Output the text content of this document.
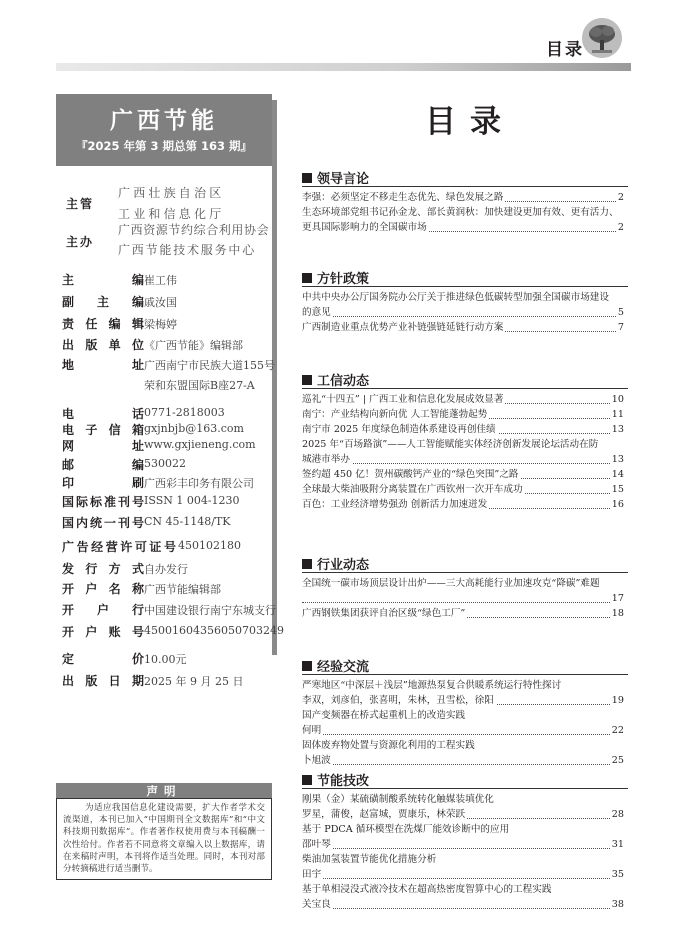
目录
广西节能
『2025 年第 3 期总第 163 期』
主管
广西壮族自治区
工业和信息化厅
主办
广西资源节约综合利用协会
广西节能技术服务中心
主　　　编 崔工伟
副　主　编 戚汝国
责任编辑 梁梅婷
出版单位 《广西节能》编辑部
地　　　址 广西南宁市民族大道155号
荣和东盟国际B座27-A
电　　　话 0771-2818003
电子信箱 gxjnbjb@163.com
网　　　址 www.gxjieneng.com
邮　　　编 530022
印　　　刷 广西彩丰印务有限公司
国际标准刊号 ISSN 1 004-1230
国内统一刊号 CN 45-1148/TK
广告经营许可证号 450102180
发行方式 自办发行
开户名称 广西节能编辑部
开　户　行 中国建设银行南宁东城支行
开户账号 45001604356050703249
定　　　价 10.00元
出版日期 2025 年 9 月 25 日
声明
为适应我国信息化建设需要，扩大作者学术交流渠道，本刊已加入“中国期刊全文数据库”和“中文科技期刊数据库”。作者著作权使用费与本刊稿酬一次性给付。作者若不同意将文章编入以上数据库，请在来稿时声明，本刊将作适当处理。同时，本刊对部分转摘稿进行适当删节。
目录
领导言论
李强：必须坚定不移走生态优先、绿色发展之路	2
生态环境部党组书记孙金龙、部长黄润秋：加快建设更加有效、更有活力、
更具国际影响力的全国碳市场	2
方针政策
中共中央办公厅国务院办公厅关于推进绿色低碳转型加强全国碳市场建设
的意见	5
广西制造业重点优势产业补链强链延链行动方案	7
工信动态
巡礼“十四五” | 广西工业和信息化发展成效显著	10
南宁：产业结构向新向优 人工智能蓬勃起势	11
南宁市 2025 年度绿色制造体系建设再创佳绩	13
2025 年“百场路演”——人工智能赋能实体经济创新发展论坛活动在防
城港市举办	13
签约超 450 亿！贺州碳酸钙产业的“绿色突围”之路	14
全球最大柴油吸附分离装置在广西钦州一次开车成功	15
百色：工业经济增势强劲 创新活力加速迸发	16
行业动态
全国统一碳市场顶层设计出炉——三大高耗能行业加速攻克“降碳”难题
17
广西钢铁集团获评自治区级“绿色工厂”	18
经验交流
严寒地区“中深层＋浅层”地源热泵复合供暖系统运行特性探讨
李双，刘彦伯，张喜明，朱林，丑雪松，徐阳	19
国产变频器在桥式起重机上的改造实践
何明	22
固体废弃物处置与资源化利用的工程实践
卜旭波	25
节能技改
刚果（金）某硫磺制酸系统转化触媒装填优化
罗星，蒲俊，赵富城，贾康乐，林荣跃	28
基于 PDCA 循环模型在洗煤厂能效诊断中的应用
邵叶琴	31
柴油加氢装置节能优化措施分析
田宇	35
基于单相浸没式液冷技术在超高热密度智算中心的工程实践
关宝良	38
